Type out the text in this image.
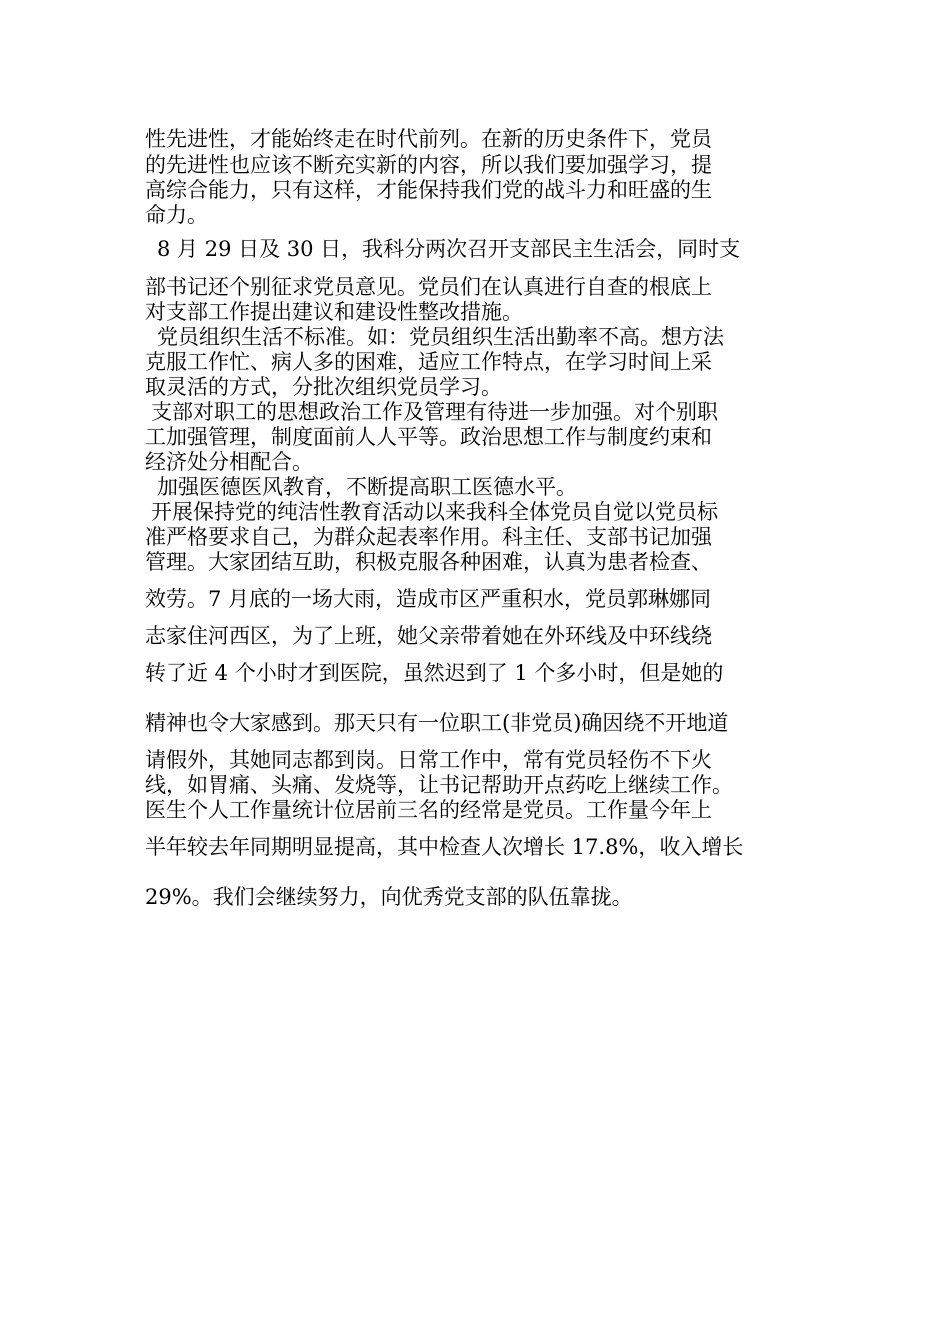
性先进性，才能始终走在时代前列。在新的历史条件下，党员
的先进性也应该不断充实新的内容，所以我们要加强学习，提
高综合能力，只有这样，才能保持我们党的战斗力和旺盛的生
命力。
8 月 29 日及 30 日，我科分两次召开支部民主生活会，同时支
部书记还个别征求党员意见。党员们在认真进行自查的根底上
对支部工作提出建议和建设性整改措施。
党员组织生活不标准。如：党员组织生活出勤率不高。想方法
克服工作忙、病人多的困难，适应工作特点，在学习时间上采
取灵活的方式，分批次组织党员学习。
支部对职工的思想政治工作及管理有待进一步加强。对个别职
工加强管理，制度面前人人平等。政治思想工作与制度约束和
经济处分相配合。
加强医德医风教育，不断提高职工医德水平。
开展保持党的纯洁性教育活动以来我科全体党员自觉以党员标
准严格要求自己，为群众起表率作用。科主任、支部书记加强
管理。大家团结互助，积极克服各种困难，认真为患者检查、
效劳。7 月底的一场大雨，造成市区严重积水，党员郭琳娜同
志家住河西区，为了上班，她父亲带着她在外环线及中环线绕
转了近 4 个小时才到医院，虽然迟到了 1 个多小时，但是她的
精神也令大家感到。那天只有一位职工(非党员)确因绕不开地道
请假外，其她同志都到岗。日常工作中，常有党员轻伤不下火
线，如胃痛、头痛、发烧等，让书记帮助开点药吃上继续工作。
医生个人工作量统计位居前三名的经常是党员。工作量今年上
半年较去年同期明显提高，其中检查人次增长 17.8%，收入增长
29%。我们会继续努力，向优秀党支部的队伍靠拢。
